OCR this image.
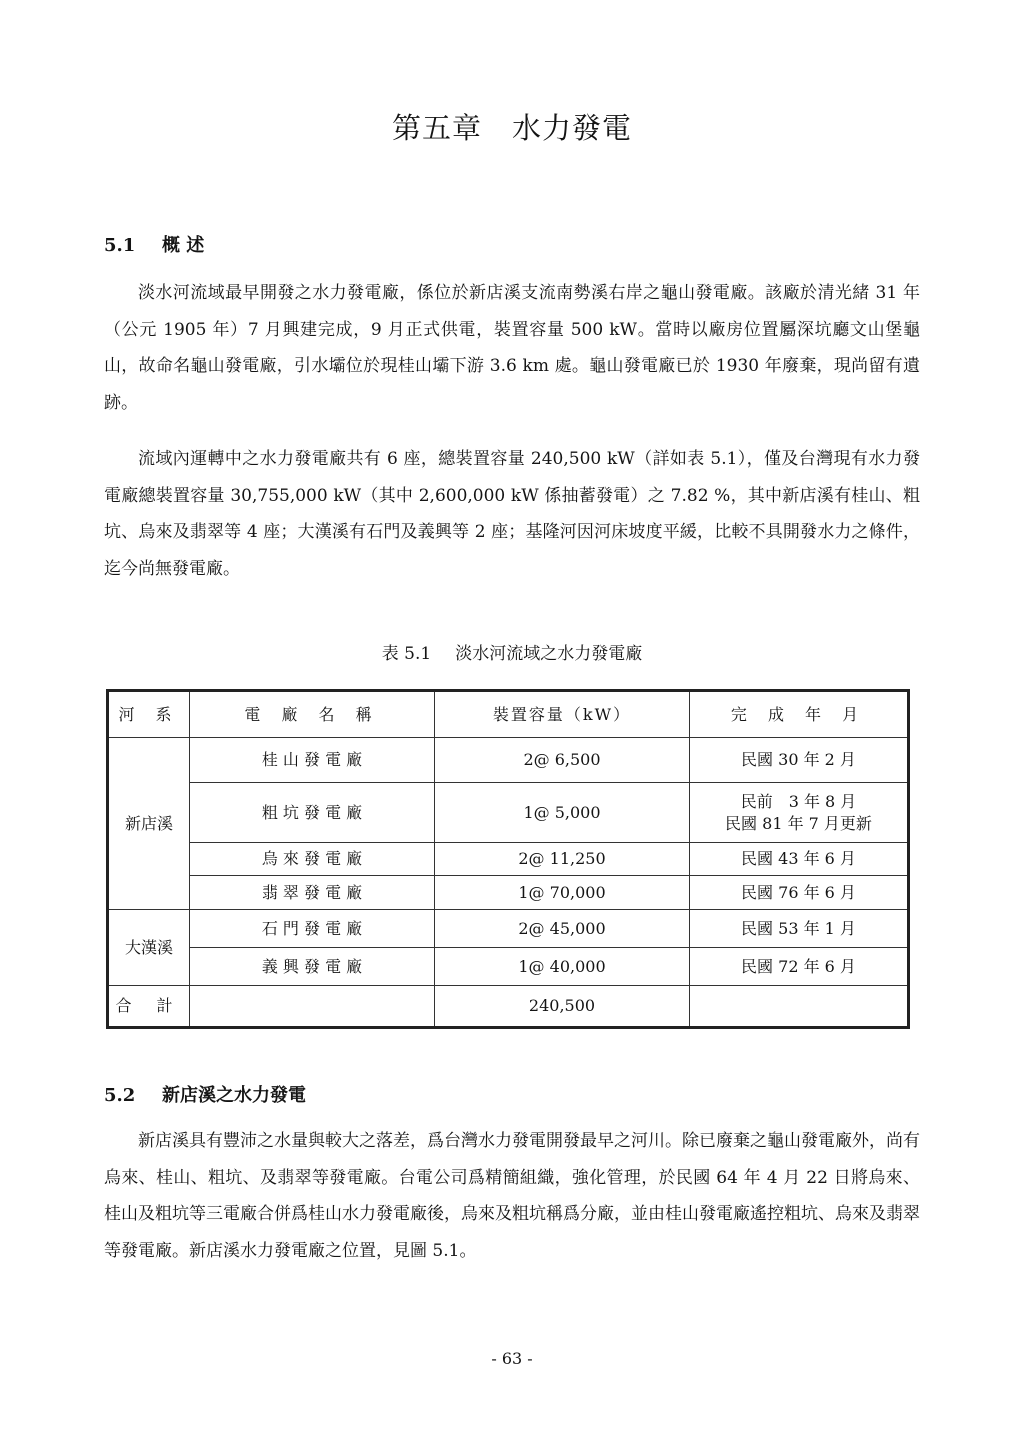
第五章　水力發電
5.1 概 述

淡水河流域最早開發之水力發電廠，係位於新店溪支流南勢溪右岸之龜山發電廠。該廠於清光緒 31 年（公元 1905 年）7 月興建完成，9 月正式供電，裝置容量 500 kW。當時以廠房位置屬深坑廳文山堡龜山，故命名龜山發電廠，引水壩位於現桂山壩下游 3.6 km 處。龜山發電廠已於 1930 年廢棄，現尚留有遺跡。

流域內運轉中之水力發電廠共有 6 座，總裝置容量 240,500 kW（詳如表 5.1），僅及台灣現有水力發電廠總裝置容量 30,755,000 kW（其中 2,600,000 kW 係抽蓄發電）之 7.82 %，其中新店溪有桂山、粗坑、烏來及翡翠等 4 座；大漢溪有石門及義興等 2 座；基隆河因河床坡度平緩，比較不具開發水力之條件，迄今尚無發電廠。

表 5.1 淡水河流域之水力發電廠
河 系	電 廠 名 稱	裝置容量（kW）	完 成 年 月
新店溪	桂 山 發 電 廠	2@ 6,500	民國 30 年 2 月
	粗 坑 發 電 廠	1@ 5,000	民前　3 年 8 月
民國 81 年 7 月更新

	烏 來 發 電 廠	2@ 11,250	民國 43 年 6 月
	翡 翠 發 電 廠	1@ 70,000	民國 76 年 6 月
大漢溪	石 門 發 電 廠	2@ 45,000	民國 53 年 1 月
	義 興 發 電 廠	1@ 40,000	民國 72 年 6 月
合 計		240,500	
5.2 新店溪之水力發電

新店溪具有豐沛之水量與較大之落差，爲台灣水力發電開發最早之河川。除已廢棄之龜山發電廠外，尚有烏來、桂山、粗坑、及翡翠等發電廠。台電公司爲精簡組織，強化管理，於民國 64 年 4 月 22 日將烏來、桂山及粗坑等三電廠合併爲桂山水力發電廠後，烏來及粗坑稱爲分廠，並由桂山發電廠遙控粗坑、烏來及翡翠等發電廠。新店溪水力發電廠之位置，見圖 5.1。

- 63 -
